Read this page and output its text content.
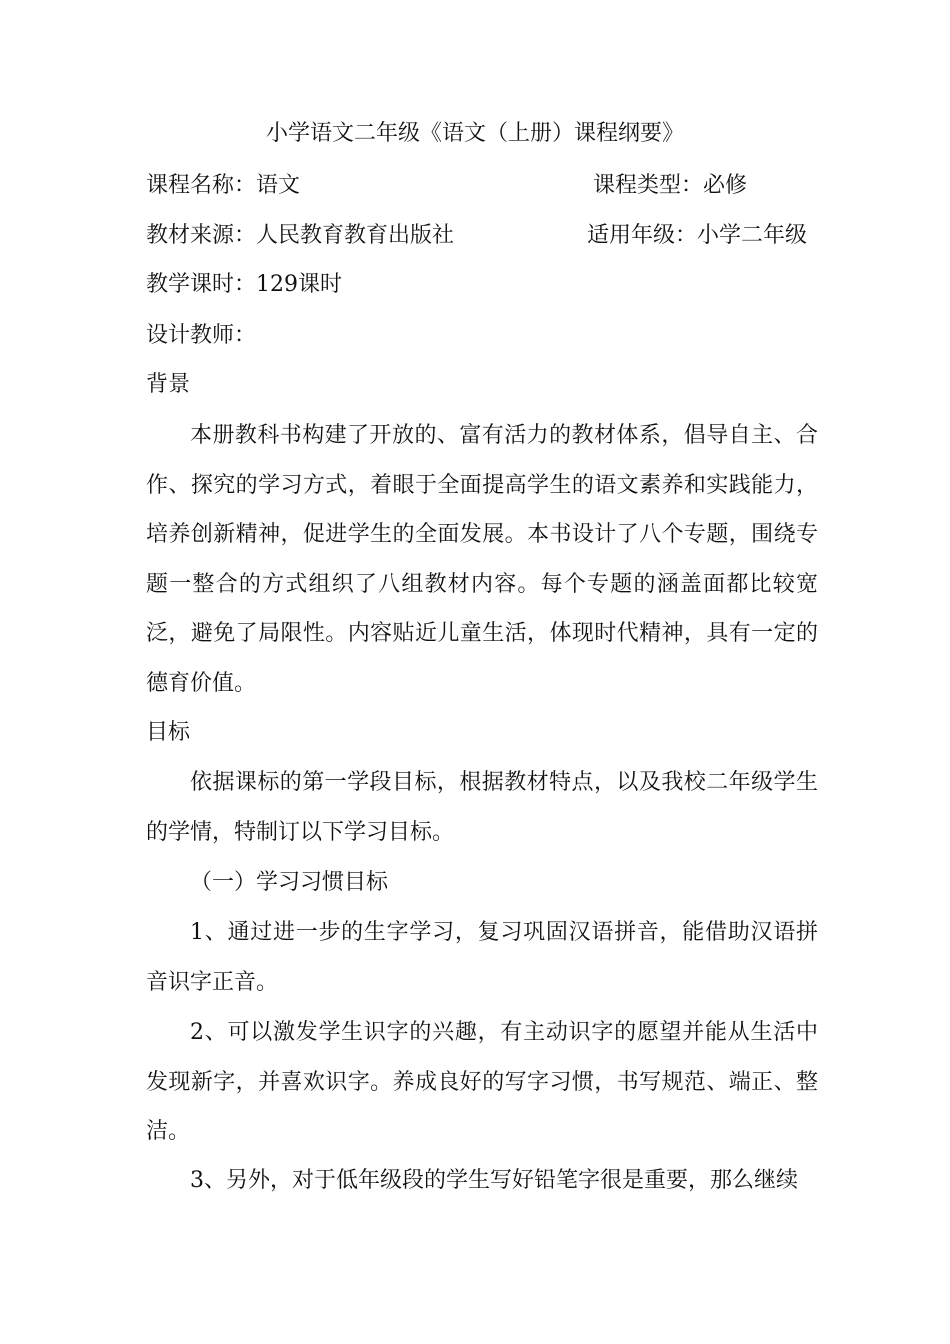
小学语文二年级《语文（上册）课程纲要》
课程名称：语文	课程类型：必修
教材来源：人民教育教育出版社	适用年级：小学二年级
教学课时：129课时
设计教师：
背景
本册教科书构建了开放的、富有活力的教材体系，倡导自主、合作、探究的学习方式，着眼于全面提高学生的语文素养和实践能力，培养创新精神，促进学生的全面发展。本书设计了八个专题，围绕专题一整合的方式组织了八组教材内容。每个专题的涵盖面都比较宽泛，避免了局限性。内容贴近儿童生活，体现时代精神，具有一定的德育价值。
目标
依据课标的第一学段目标，根据教材特点，以及我校二年级学生的学情，特制订以下学习目标。
（一）学习习惯目标
1、通过进一步的生字学习，复习巩固汉语拼音，能借助汉语拼音识字正音。
2、可以激发学生识字的兴趣，有主动识字的愿望并能从生活中发现新字，并喜欢识字。养成良好的写字习惯，书写规范、端正、整洁。
3、另外，对于低年级段的学生写好铅笔字很是重要，那么继续
